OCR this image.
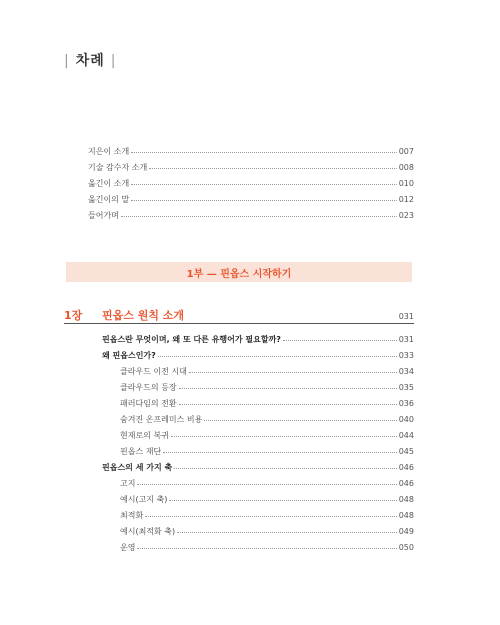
| 차례 |
지은이 소개	007
기술 감수자 소개	008
옮긴이 소개	010
옮긴이의 말	012
들어가며	023
1부 — 핀옵스 시작하기
1장	핀옵스 원칙 소개	031
핀옵스란 무엇이며, 왜 또 다른 유행어가 필요할까?	031
왜 핀옵스인가?	033
클라우드 이전 시대	034
클라우드의 등장	035
패러다임의 전환	036
숨겨진 온프레미스 비용	040
현재로의 복귀	044
핀옵스 재단	045
핀옵스의 세 가지 축	046
고지	046
예시(고지 축)	048
최적화	048
예시(최적화 축)	049
운영	050
